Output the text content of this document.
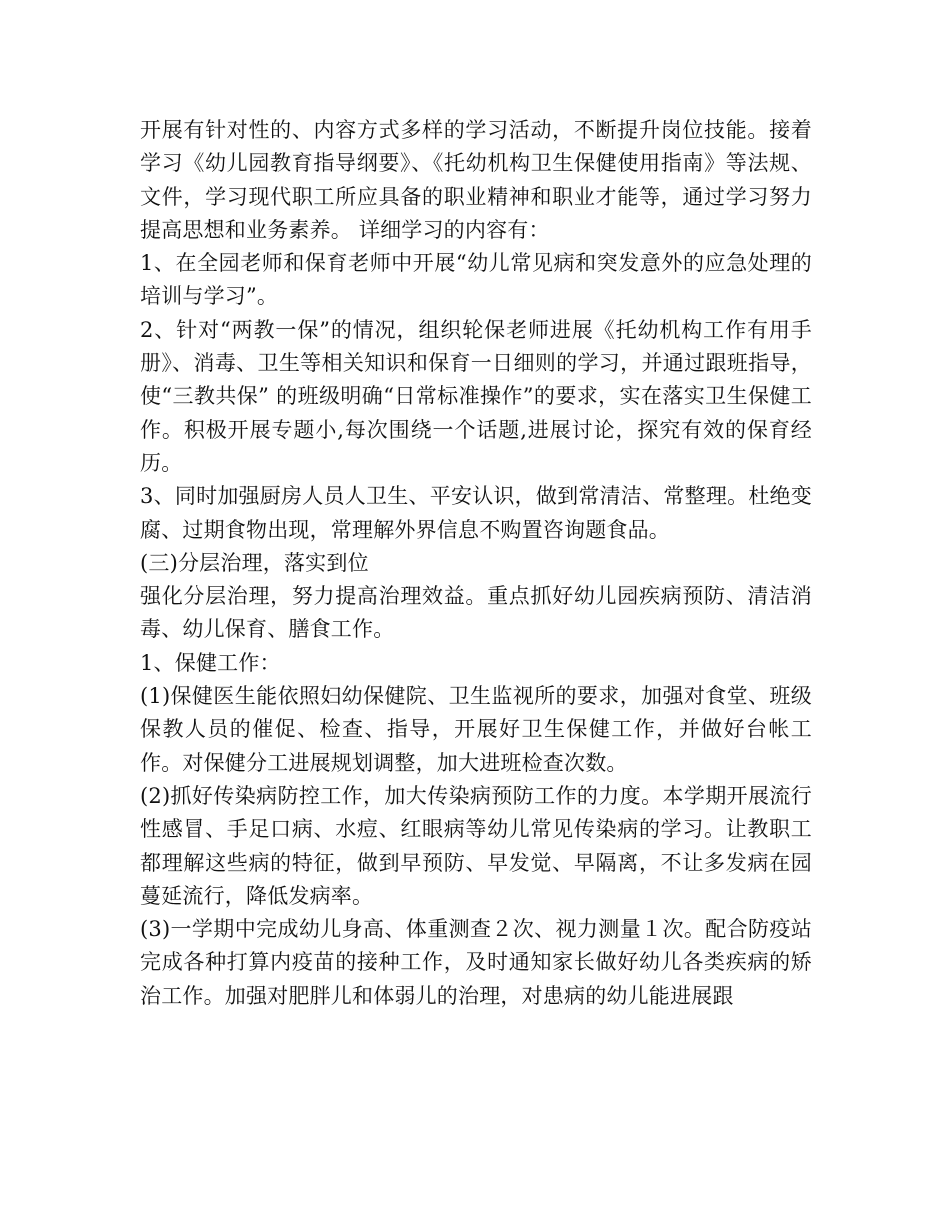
开展有针对性的、内容方式多样的学习活动，不断提升岗位技能。接着学习《幼儿园教育指导纲要》、《托幼机构卫生保健使用指南》等法规、文件，学习现代职工所应具备的职业精神和职业才能等，通过学习努力提高思想和业务素养。 详细学习的内容有：

1、在全园老师和保育老师中开展“幼儿常见病和突发意外的应急处理的培训与学习”。

2、针对“两教一保”的情况，组织轮保老师进展《托幼机构工作有用手册》、消毒、卫生等相关知识和保育一日细则的学习，并通过跟班指导，使“三教共保” 的班级明确“日常标准操作”的要求，实在落实卫生保健工作。积极开展专题小,每次围绕一个话题,进展讨论，探究有效的保育经历。

3、同时加强厨房人员人卫生、平安认识，做到常清洁、常整理。杜绝变腐、过期食物出现，常理解外界信息不购置咨询题食品。

(三)分层治理，落实到位

强化分层治理，努力提高治理效益。重点抓好幼儿园疾病预防、清洁消毒、幼儿保育、膳食工作。

1、保健工作：

(1)保健医生能依照妇幼保健院、卫生监视所的要求，加强对食堂、班级保教人员的催促、检查、指导，开展好卫生保健工作，并做好台帐工作。对保健分工进展规划调整，加大进班检查次数。

(2)抓好传染病防控工作，加大传染病预防工作的力度。本学期开展流行性感冒、手足口病、水痘、红眼病等幼儿常见传染病的学习。让教职工都理解这些病的特征，做到早预防、早发觉、早隔离，不让多发病在园蔓延流行，降低发病率。

(3)一学期中完成幼儿身高、体重测查２次、视力测量１次。配合防疫站完成各种打算内疫苗的接种工作，及时通知家长做好幼儿各类疾病的矫治工作。加强对肥胖儿和体弱儿的治理，对患病的幼儿能进展跟
